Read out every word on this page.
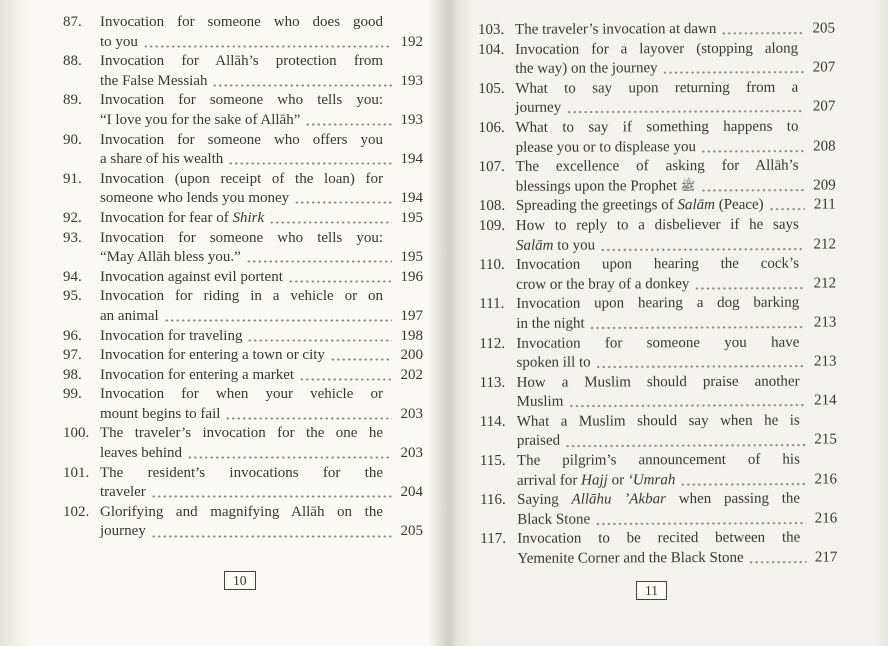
87.	Invocation for someone who does good
to you	192
88.	Invocation for Allāh’s protection from
the False Messiah	193
89.	Invocation for someone who tells you:
“I love you for the sake of Allāh”	193
90.	Invocation for someone who offers you
a share of his wealth	194
91.	Invocation (upon receipt of the loan) for
someone who lends you money	194
92.	Invocation for fear of Shirk	195
93.	Invocation for someone who tells you:
“May Allāh bless you.”	195
94.	Invocation against evil portent	196
95.	Invocation for riding in a vehicle or on
an animal	197
96.	Invocation for traveling	198
97.	Invocation for entering a town or city	200
98.	Invocation for entering a market	202
99.	Invocation for when your vehicle or
mount begins to fail	203
100. The traveler’s invocation for the one he
leaves behind	203
101. The resident’s invocations for the
traveler	204
102. Glorifying and magnifying Allāh on the
journey	205
103. The traveler’s invocation at dawn	205
104. Invocation for a layover (stopping along
the way) on the journey	207
105. What to say upon returning from a
journey	207
106. What to say if something happens to
please you or to displease you	208
107. The excellence of asking for Allāh’s
blessings upon the Prophet ﷺ	209
108. Spreading the greetings of Salām (Peace)	211
109. How to reply to a disbeliever if he says
Salām to you	212
110. Invocation upon hearing the cock’s
crow or the bray of a donkey	212
111. Invocation upon hearing a dog barking
in the night	213
112. Invocation for someone you have
spoken ill to	213
113. How a Muslim should praise another
Muslim	214
114. What a Muslim should say when he is
praised	215
115. The pilgrim’s announcement of his
arrival for Hajj or ‘Umrah	216
116. Saying Allāhu ’Akbar when passing the
Black Stone	216
117. Invocation to be recited between the
Yemenite Corner and the Black Stone	217
10
11
